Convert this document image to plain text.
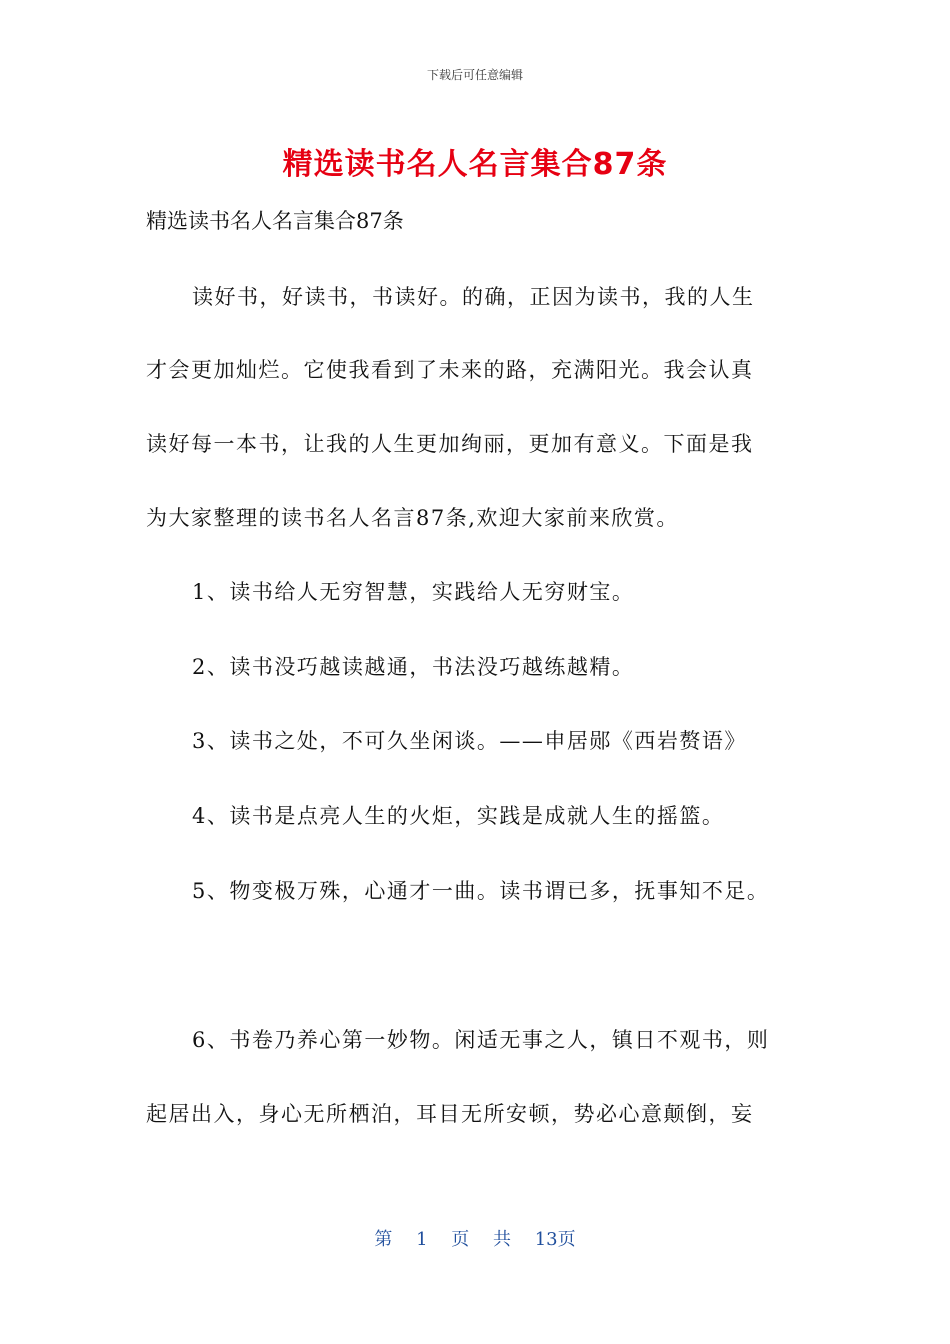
下载后可任意编辑
精选读书名人名言集合87条
精选读书名人名言集合87条
读好书，好读书，书读好。的确，正因为读书，我的人生
才会更加灿烂。它使我看到了未来的路，充满阳光。我会认真
读好每一本书，让我的人生更加绚丽，更加有意义。下面是我
为大家整理的读书名人名言87条,欢迎大家前来欣赏。
1、读书给人无穷智慧，实践给人无穷财宝。
2、读书没巧越读越通，书法没巧越练越精。
3、读书之处，不可久坐闲谈。——申居郧《西岩赘语》
4、读书是点亮人生的火炬，实践是成就人生的摇篮。
5、物变极万殊，心通才一曲。读书谓已多，抚事知不足。
6、书卷乃养心第一妙物。闲适无事之人，镇日不观书，则
起居出入，身心无所栖泊，耳目无所安顿，势必心意颠倒，妄
第 1 页 共 13页
